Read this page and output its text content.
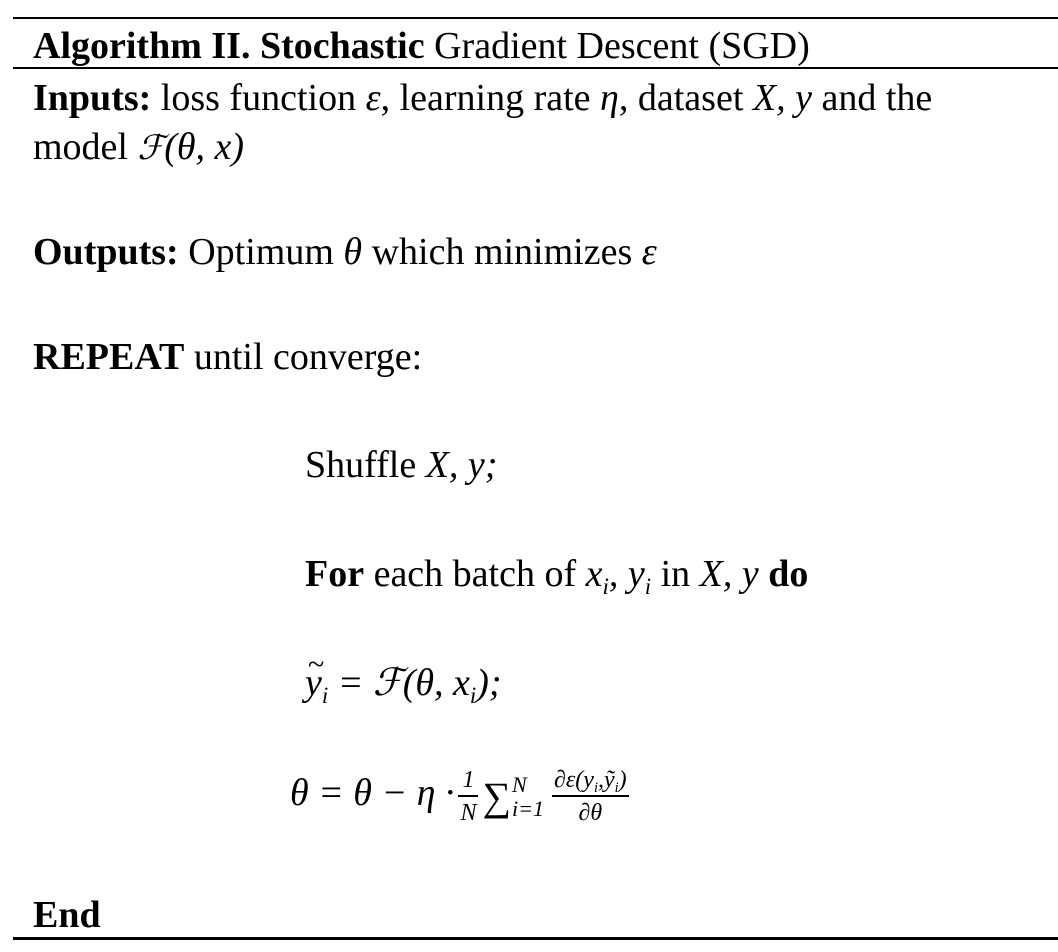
Algorithm II. Stochastic Gradient Descent (SGD)
Inputs: loss function ε, learning rate η, dataset X, y and the
model ℱ(θ, x)
Outputs: Optimum θ which minimizes ε
REPEAT until converge:
Shuffle X, y;
For each batch of $x_i$, $y_i$ in X, y do
~ $y_i$ = ℱ(θ, $x_i$);
$\theta = \theta - \eta \cdot \frac{1}{N}$ ∑ N
$i=1 \frac{\partial\varepsilon(y_i,ỹ_i)}{\partial\theta}$
End
